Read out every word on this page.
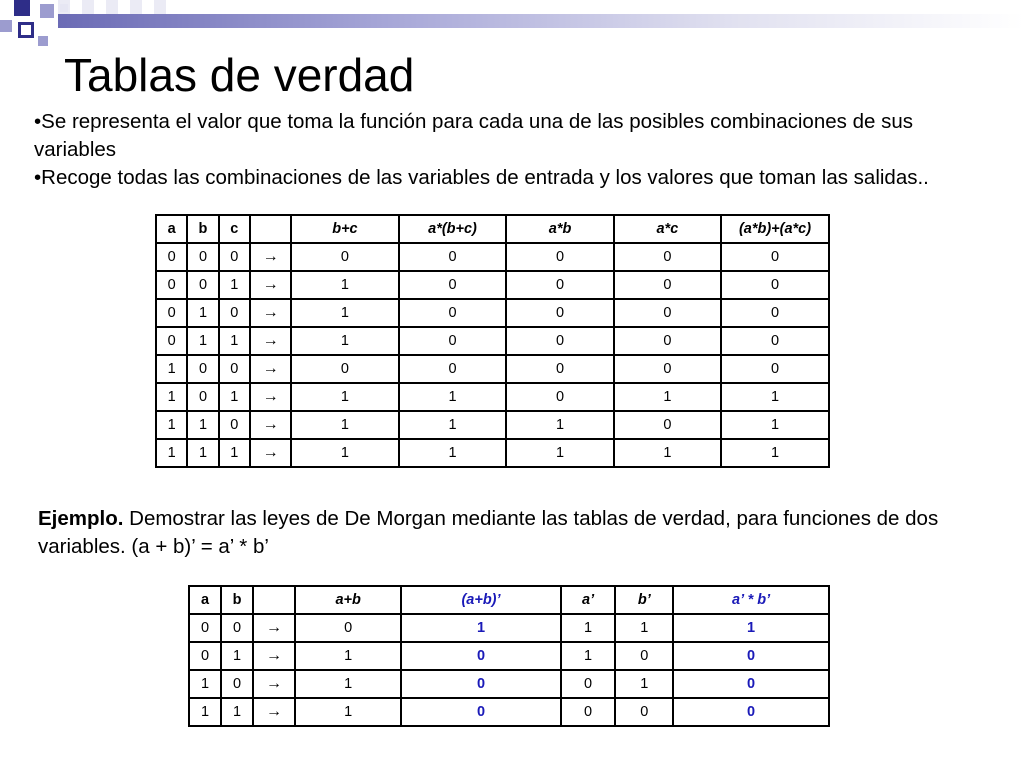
Tablas de verdad

•Se representa el valor que toma la función para cada una de las posibles combinaciones de sus variables

•Recoge todas las combinaciones de las variables de entrada y los valores que toman las salidas..

a	b	c		b+c	a*(b+c)	a*b	a*c	(a*b)+(a*c)
0	0	0	→	0	0	0	0	0
0	0	1	→	1	0	0	0	0
0	1	0	→	1	0	0	0	0
0	1	1	→	1	0	0	0	0
1	0	0	→	0	0	0	0	0
1	0	1	→	1	1	0	1	1
1	1	0	→	1	1	1	0	1
1	1	1	→	1	1	1	1	1
Ejemplo. Demostrar las leyes de De Morgan mediante las tablas de verdad, para funciones de dos variables. (a + b)’ = a’ * b’
a	b		a+b	(a+b)’	a’	b’	a’ * b’
0	0	→	0	1	1	1	1
0	1	→	1	0	1	0	0
1	0	→	1	0	0	1	0
1	1	→	1	0	0	0	0
